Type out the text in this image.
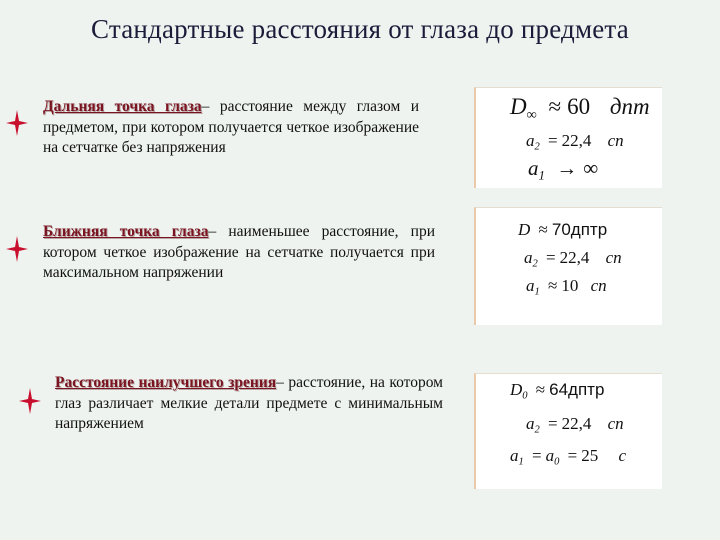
Стандартные расстояния от глаза до предмета
Дальняя точка глаза– расстояние между глазом и предметом, при котором получается четкое изображение на сетчатке без напряжения
$D_\infty \approx 60$ дпт
$a_2 = 22,4$ cn
$a_1$ → ∞
Ближняя точка глаза– наименьшее расстояние, при котором четкое изображение на сетчатке получается при максимальном напряжении
D ≈ 70дптр
$a_2 = 22,4$ cn
$a_1 \approx 10$ cn
Расстояние наилучшего зрения– расстояние, на котором глаз различает мелкие детали предмете с минимальным напряжением
$D_0$ ≈ 64дптр
$a_2 = 22,4$ cn
$a_1 = a_0 = 25$ c
